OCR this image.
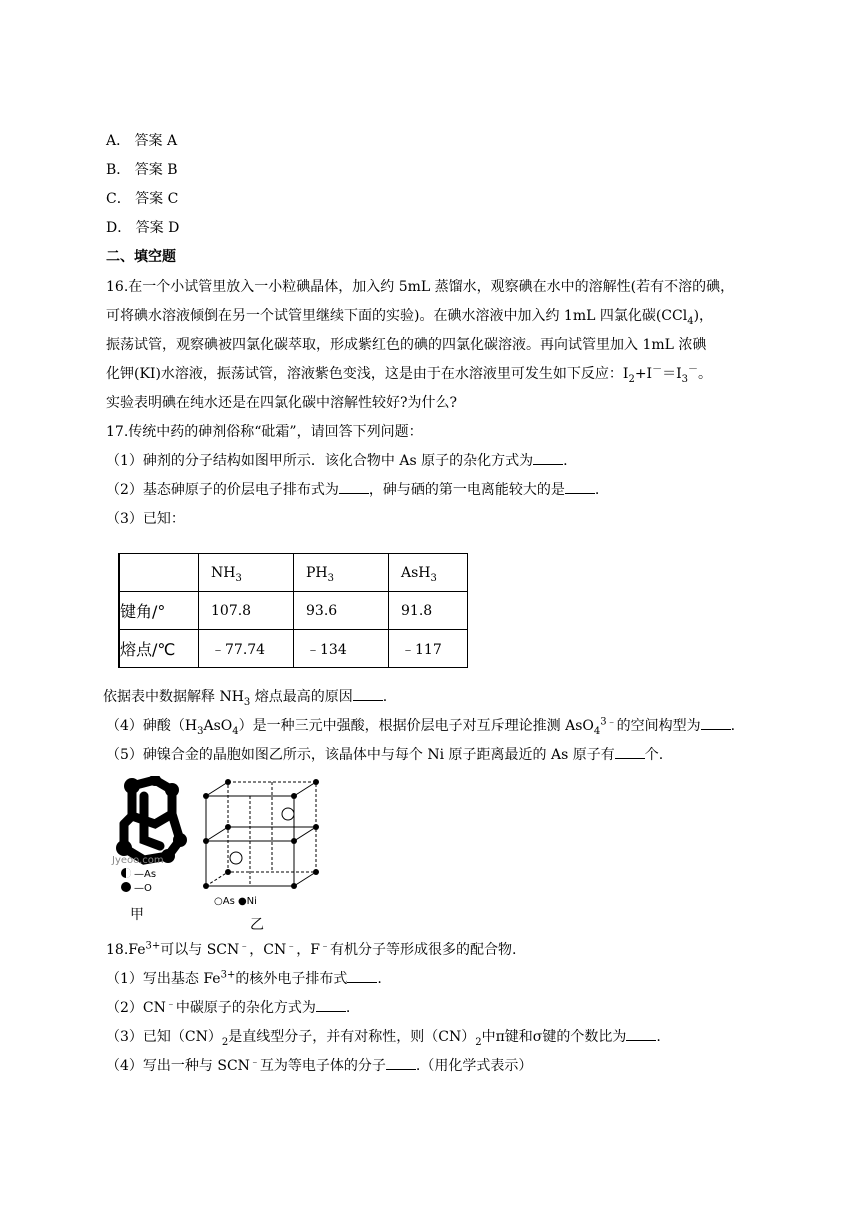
A． 答案 A
B． 答案 B
C． 答案 C
D． 答案 D
二、填空题
16.在一个小试管里放入一小粒碘晶体，加入约 5mL 蒸馏水，观察碘在水中的溶解性(若有不溶的碘，
可将碘水溶液倾倒在另一个试管里继续下面的实验)。在碘水溶液中加入约 1mL 四氯化碳(CCl$_4$)，
振荡试管，观察碘被四氯化碳萃取，形成紫红色的碘的四氯化碳溶液。再向试管里加入 1mL 浓碘
化钾(KI)水溶液，振荡试管，溶液紫色变浅，这是由于在水溶液里可发生如下反应：$I_2+I^-=I_3^-$。
实验表明碘在纯水还是在四氯化碳中溶解性较好?为什么?
17.传统中药的砷剂俗称“砒霜”，请回答下列问题：
（1）砷剂的分子结构如图甲所示．该化合物中 As 原子的杂化方式为 .
（2）基态砷原子的价层电子排布式为 ，砷与硒的第一电离能较大的是 .
（3）已知：
	$NH_3$	$PH_3$	AsH$_3$
键角/°	107.8	93.6	91.8
熔点/℃	﹣77.74	﹣134	﹣117
依据表中数据解释 $NH_3$ 熔点最高的原因 .
（4）砷酸$(H_3AsO_4)$是一种三元中强酸，根据价层电子对互斥理论推测 AsO$_4^{3﹣}$的空间构型为 .
（5）砷镍合金的晶胞如图乙所示，该晶体中与每个 Ni 原子距离最近的 As 原子有 个.
Jyeoo.com
—As
—O
甲
○As ●Ni
乙
$18.Fe^{3+}$可以与 SCN﹣，CN﹣，F﹣有机分子等形成很多的配合物.
（1）写出基态 $Fe^{3+}$的核外电子排布式 .
（2）CN﹣中碳原子的杂化方式为 .
（3）已知$(CN)_2$是直线型分子，并有对称性，则$(CN)_2$中π键和σ键的个数比为 .
（4）写出一种与 SCN﹣互为等电子体的分子 .（用化学式表示）
